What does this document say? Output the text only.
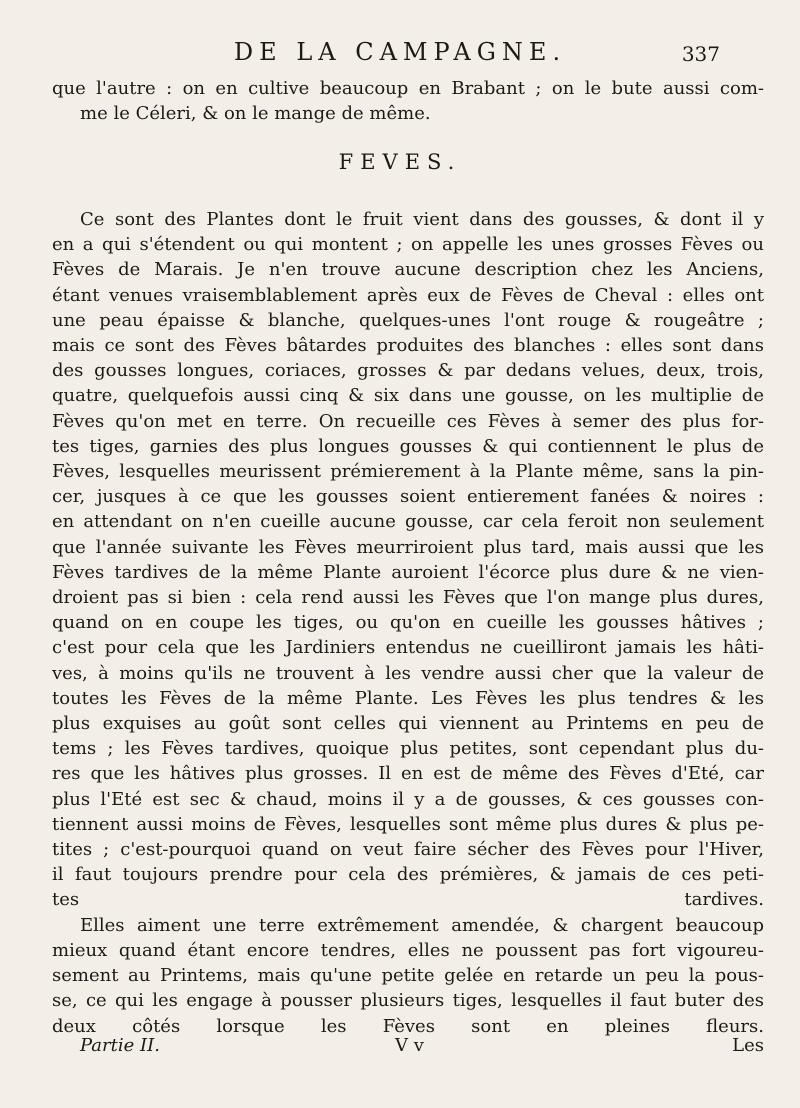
DE LA CAMPAGNE.	337
que l'autre : on en cultive beaucoup en Brabant ; on le bute aussi com-
me le Céleri, & on le mange de même.
FEVES.
Ce sont des Plantes dont le fruit vient dans des gousses, & dont il y
en a qui s'étendent ou qui montent ; on appelle les unes grosses Fèves ou
Fèves de Marais. Je n'en trouve aucune description chez les Anciens,
étant venues vraisemblablement après eux de Fèves de Cheval : elles ont
une peau épaisse & blanche, quelques-unes l'ont rouge & rougeâtre ;
mais ce sont des Fèves bâtardes produites des blanches : elles sont dans
des gousses longues, coriaces, grosses & par dedans velues, deux, trois,
quatre, quelquefois aussi cinq & six dans une gousse, on les multiplie de
Fèves qu'on met en terre. On recueille ces Fèves à semer des plus for-
tes tiges, garnies des plus longues gousses & qui contiennent le plus de
Fèves, lesquelles meurissent prémierement à la Plante même, sans la pin-
cer, jusques à ce que les gousses soient entierement fanées & noires :
en attendant on n'en cueille aucune gousse, car cela feroit non seulement
que l'année suivante les Fèves meurriroient plus tard, mais aussi que les
Fèves tardives de la même Plante auroient l'écorce plus dure & ne vien-
droient pas si bien : cela rend aussi les Fèves que l'on mange plus dures,
quand on en coupe les tiges, ou qu'on en cueille les gousses hâtives ;
c'est pour cela que les Jardiniers entendus ne cueilliront jamais les hâti-
ves, à moins qu'ils ne trouvent à les vendre aussi cher que la valeur de
toutes les Fèves de la même Plante. Les Fèves les plus tendres & les
plus exquises au goût sont celles qui viennent au Printems en peu de
tems ; les Fèves tardives, quoique plus petites, sont cependant plus du-
res que les hâtives plus grosses. Il en est de même des Fèves d'Eté, car
plus l'Eté est sec & chaud, moins il y a de gousses, & ces gousses con-
tiennent aussi moins de Fèves, lesquelles sont même plus dures & plus pe-
tites ; c'est-pourquoi quand on veut faire sécher des Fèves pour l'Hiver,
il faut toujours prendre pour cela des prémières, & jamais de ces peti-
tes tardives.
Elles aiment une terre extrêmement amendée, & chargent beaucoup
mieux quand étant encore tendres, elles ne poussent pas fort vigoureu-
sement au Printems, mais qu'une petite gelée en retarde un peu la pous-
se, ce qui les engage à pousser plusieurs tiges, lesquelles il faut buter des
deux côtés lorsque les Fèves sont en pleines fleurs.
Partie II.	V v	Les
